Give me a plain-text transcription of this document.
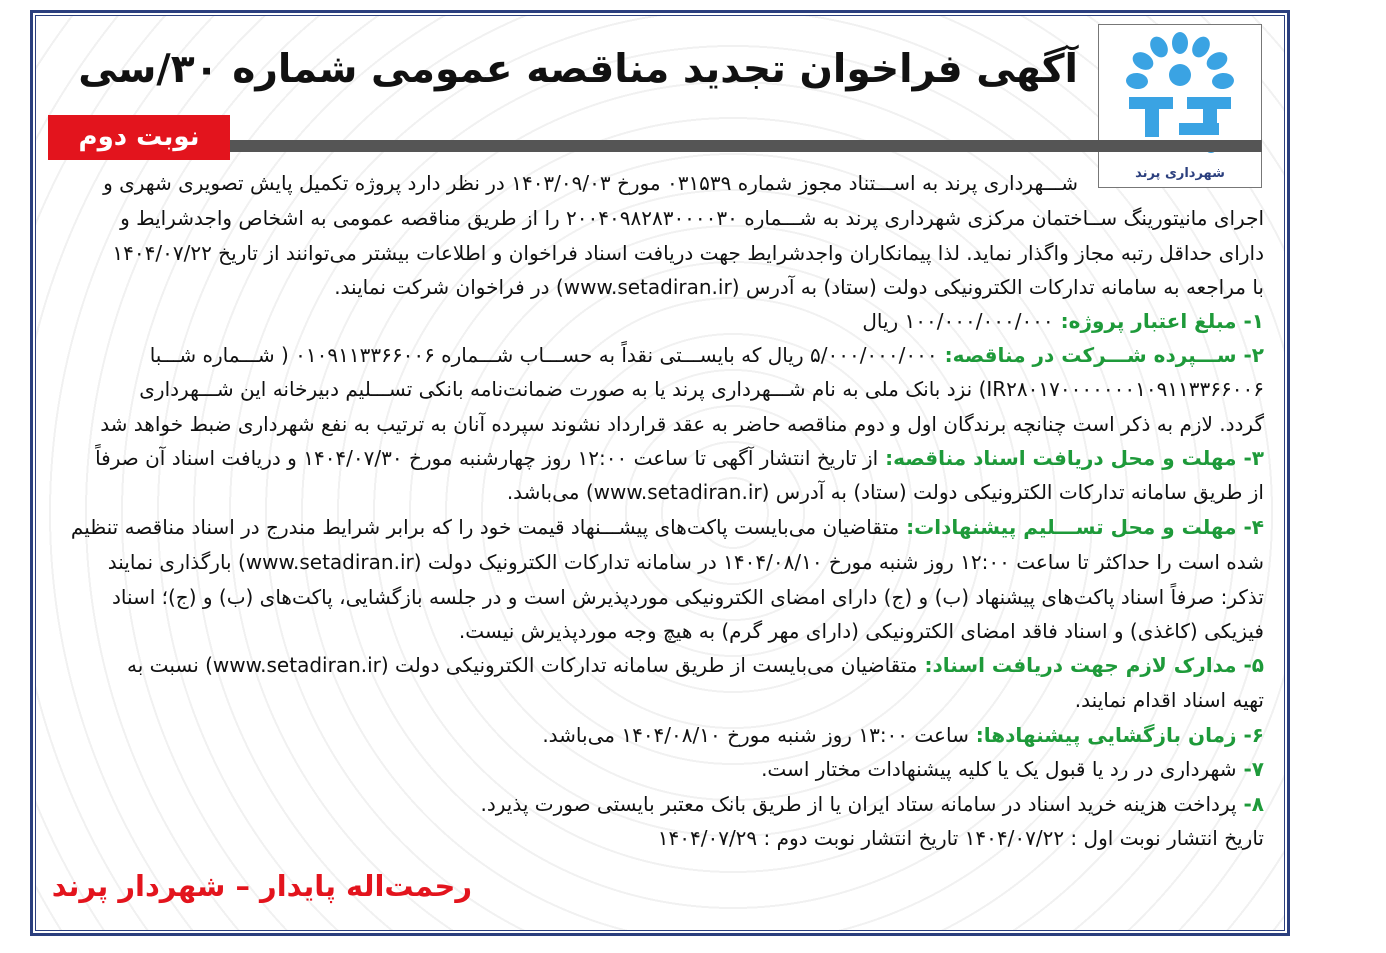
شهرداری پرند
آگهی فراخوان تجدید مناقصه عمومی شماره ۳۰/سی
نوبت دوم
شـــهرداری پرند به اســـتناد مجوز شماره ۰۳۱۵۳۹ مورخ ۱۴۰۳/۰۹/۰۳ در نظر دارد پروژه تکمیل پایش تصویری شهری و
اجرای مانیتورینگ ســاختمان مرکزی شهرداری پرند به شـــماره ۲۰۰۴۰۹۸۲۸۳۰۰۰۰۳۰ را از طریق مناقصه عمومی به اشخاص واجدشرایط و
دارای حداقل رتبه مجاز واگذار نماید. لذا پیمانکاران واجدشرایط جهت دریافت اسناد فراخوان و اطلاعات بیشتر می‌توانند از تاریخ ۱۴۰۴/۰۷/۲۲
با مراجعه به سامانه تدارکات الکترونیکی دولت (ستاد) به آدرس (www.setadiran.ir) در فراخوان شرکت نمایند.
۱- مبلغ اعتبار پروژه: ۱۰۰/۰۰۰/۰۰۰/۰۰۰ ریال
۲- ســـپرده شـــرکت در مناقصه: ۵/۰۰۰/۰۰۰/۰۰۰ ریال که بایســـتی نقداً به حســـاب شـــماره ۰۱۰۹۱۱۳۳۶۶۰۰۶ ( شـــماره شـــبا
IR۲۸۰۱۷۰۰۰۰۰۰۰۱۰۹۱۱۳۳۶۶۰۰۶) نزد بانک ملی به نام شـــهرداری پرند یا به صورت ضمانت‌نامه بانکی تســـلیم دبیرخانه این شـــهرداری
گردد. لازم به ذکر است چنانچه برندگان اول و دوم مناقصه حاضر به عقد قرارداد نشوند سپرده آنان به ترتیب به نفع شهرداری ضبط خواهد شد
۳- مهلت و محل دریافت اسناد مناقصه: از تاریخ انتشار آگهی تا ساعت ۱۲:۰۰ روز چهارشنبه مورخ ۱۴۰۴/۰۷/۳۰ و دریافت اسناد آن صرفاً
از طریق سامانه تدارکات الکترونیکی دولت (ستاد) به آدرس (www.setadiran.ir) می‌باشد.
۴- مهلت و محل تســـلیم پیشنهادات: متقاضیان می‌بایست پاکت‌های پیشـــنهاد قیمت خود را که برابر شرایط مندرج در اسناد مناقصه تنظیم
شده است را حداکثر تا ساعت ۱۲:۰۰ روز شنبه مورخ ۱۴۰۴/۰۸/۱۰ در سامانه تدارکات الکترونیک دولت (www.setadiran.ir) بارگذاری نمایند
تذکر: صرفاً اسناد پاکت‌های پیشنهاد (ب) و (ج) دارای امضای الکترونیکی موردپذیرش است و در جلسه بازگشایی، پاکت‌های (ب) و (ج)؛ اسناد
فیزیکی (کاغذی) و اسناد فاقد امضای الکترونیکی (دارای مهر گرم) به هیچ وجه موردپذیرش نیست.
۵- مدارک لازم جهت دریافت اسناد: متقاضیان می‌بایست از طریق سامانه تدارکات الکترونیکی دولت (www.setadiran.ir) نسبت به
تهیه اسناد اقدام نمایند.
۶- زمان بازگشایی پیشنهادها: ساعت ۱۳:۰۰ روز شنبه مورخ ۱۴۰۴/۰۸/۱۰ می‌باشد.
۷- شهرداری در رد یا قبول یک یا کلیه پیشنهادات مختار است.
۸- پرداخت هزینه خرید اسناد در سامانه ستاد ایران یا از طریق بانک معتبر بایستی صورت پذیرد.
تاریخ انتشار نوبت اول : ۱۴۰۴/۰۷/۲۲ تاریخ انتشار نوبت دوم : ۱۴۰۴/۰۷/۲۹
رحمت‌اله پایدار – شهردار پرند
